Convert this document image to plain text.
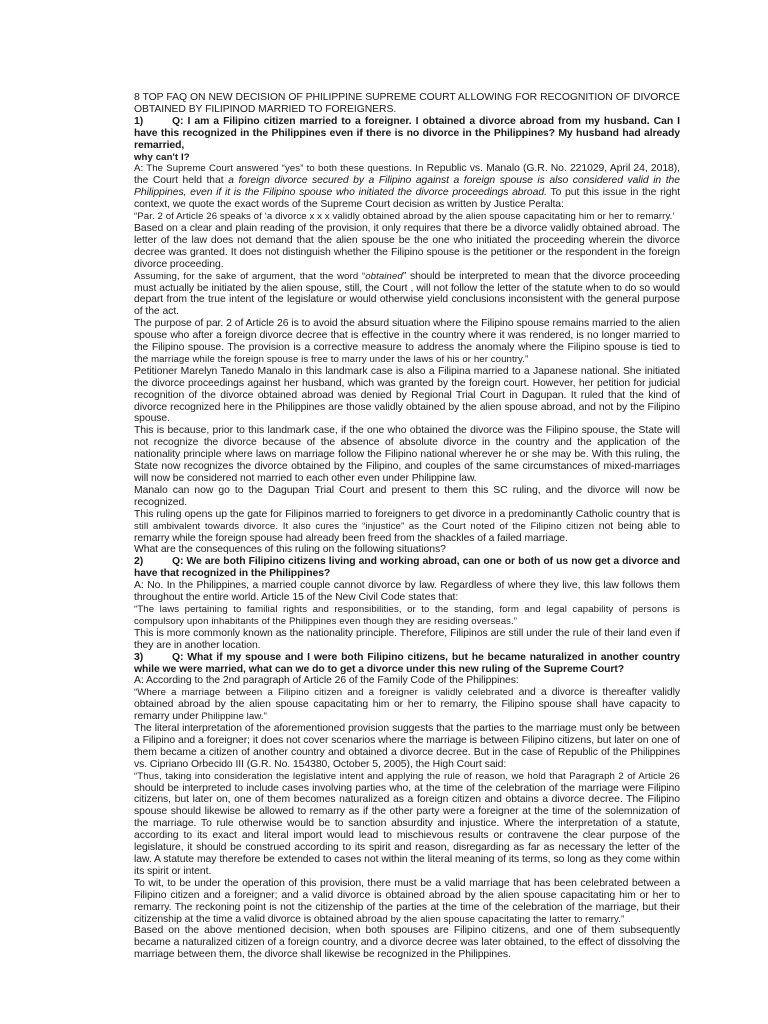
8 TOP FAQ ON NEW DECISION OF PHILIPPINE SUPREME COURT ALLOWING FOR RECOGNITION OF DIVORCE OBTAINED BY FILIPINOD MARRIED TO FOREIGNERS.

1)	Q: I am a Filipino citizen married to a foreigner. I obtained a divorce abroad from my husband. Can I have this recognized in the Philippines even if there is no divorce in the Philippines? My husband had already remarried,

why can't I?

A: The Supreme Court answered “yes” to both these questions. In Republic vs. Manalo (G.R. No. 221029, April 24, 2018), the Court held that a foreign divorce secured by a Filipino against a foreign spouse is also considered valid in the Philippines, even if it is the Filipino spouse who initiated the divorce proceedings abroad. To put this issue in the right context, we quote the exact words of the Supreme Court decision as written by Justice Peralta:

“Par. 2 of Article 26 speaks of ‘a divorce x x x validly obtained abroad by the alien spouse capacitating him or her to remarry.’

Based on a clear and plain reading of the provision, it only requires that there be a divorce validly obtained abroad. The letter of the law does not demand that the alien spouse be the one who initiated the proceeding wherein the divorce decree was granted. It does not distinguish whether the Filipino spouse is the petitioner or the respondent in the foreign divorce proceeding.

Assuming, for the sake of argument, that the word “obtained” should be interpreted to mean that the divorce proceeding must actually be initiated by the alien spouse, still, the Court , will not follow the letter of the statute when to do so would depart from the true intent of the legislature or would otherwise yield conclusions inconsistent with the general purpose of the act.

The purpose of par. 2 of Article 26 is to avoid the absurd situation where the Filipino spouse remains married to the alien spouse who after a foreign divorce decree that is effective in the country where it was rendered, is no longer married to the Filipino spouse. The provision is a corrective measure to address the anomaly where the Filipino spouse is tied to the marriage while the foreign spouse is free to marry under the laws of his or her country.”

Petitioner Marelyn Tanedo Manalo in this landmark case is also a Filipina married to a Japanese national. She initiated the divorce proceedings against her husband, which was granted by the foreign court. However, her petition for judicial recognition of the divorce obtained abroad was denied by Regional Trial Court in Dagupan. It ruled that the kind of divorce recognized here in the Philippines are those validly obtained by the alien spouse abroad, and not by the Filipino spouse.

This is because, prior to this landmark case, if the one who obtained the divorce was the Filipino spouse, the State will not recognize the divorce because of the absence of absolute divorce in the country and the application of the nationality principle where laws on marriage follow the Filipino national wherever he or she may be. With this ruling, the State now recognizes the divorce obtained by the Filipino, and couples of the same circumstances of mixed-marriages will now be considered not married to each other even under Philippine law.

Manalo can now go to the Dagupan Trial Court and present to them this SC ruling, and the divorce will now be recognized.

This ruling opens up the gate for Filipinos married to foreigners to get divorce in a predominantly Catholic country that is still ambivalent towards divorce. It also cures the “injustice” as the Court noted of the Filipino citizen not being able to remarry while the foreign spouse had already been freed from the shackles of a failed marriage.

What are the consequences of this ruling on the following situations?

2)	Q: We are both Filipino citizens living and working abroad, can one or both of us now get a divorce and have that recognized in the Philippines?

A: No. In the Philippines, a married couple cannot divorce by law. Regardless of where they live, this law follows them throughout the entire world. Article 15 of the New Civil Code states that:

“The laws pertaining to familial rights and responsibilities, or to the standing, form and legal capability of persons is compulsory upon inhabitants of the Philippines even though they are residing overseas.”

This is more commonly known as the nationality principle. Therefore, Filipinos are still under the rule of their land even if they are in another location.

3)	Q: What if my spouse and I were both Filipino citizens, but he became naturalized in another country while we were married, what can we do to get a divorce under this new ruling of the Supreme Court?

A: According to the 2nd paragraph of Article 26 of the Family Code of the Philippines:

“Where a marriage between a Filipino citizen and a foreigner is validly celebrated and a divorce is thereafter validly obtained abroad by the alien spouse capacitating him or her to remarry, the Filipino spouse shall have capacity to remarry under Philippine law.”

The literal interpretation of the aforementioned provision suggests that the parties to the marriage must only be between a Filipino and a foreigner; it does not cover scenarios where the marriage is between Filipino citizens, but later on one of them became a citizen of another country and obtained a divorce decree. But in the case of Republic of the Philippines vs. Cipriano Orbecido III (G.R. No. 154380, October 5, 2005), the High Court said:

“Thus, taking into consideration the legislative intent and applying the rule of reason, we hold that Paragraph 2 of Article 26 should be interpreted to include cases involving parties who, at the time of the celebration of the marriage were Filipino citizens, but later on, one of them becomes naturalized as a foreign citizen and obtains a divorce decree. The Filipino spouse should likewise be allowed to remarry as if the other party were a foreigner at the time of the solemnization of the marriage. To rule otherwise would be to sanction absurdity and injustice. Where the interpretation of a statute, according to its exact and literal import would lead to mischievous results or contravene the clear purpose of the legislature, it should be construed according to its spirit and reason, disregarding as far as necessary the letter of the law. A statute may therefore be extended to cases not within the literal meaning of its terms, so long as they come within its spirit or intent.

To wit, to be under the operation of this provision, there must be a valid marriage that has been celebrated between a Filipino citizen and a foreigner; and a valid divorce is obtained abroad by the alien spouse capacitating him or her to remarry. The reckoning point is not the citizenship of the parties at the time of the celebration of the marriage, but their citizenship at the time a valid divorce is obtained abroad by the alien spouse capacitating the latter to remarry.”

Based on the above mentioned decision, when both spouses are Filipino citizens, and one of them subsequently became a naturalized citizen of a foreign country, and a divorce decree was later obtained, to the effect of dissolving the marriage between them, the divorce shall likewise be recognized in the Philippines.
